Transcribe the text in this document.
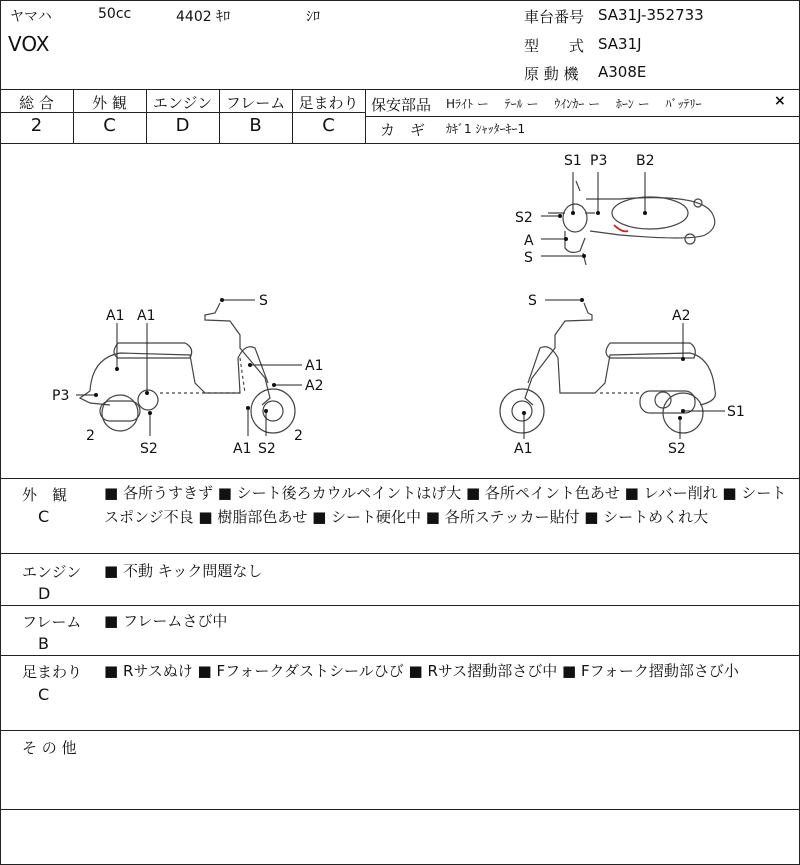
ヤマハ	50cc	4402 ｷﾛ	ｼﾛ
VOX
車台番号 SA31J-352733
型　　式 SA31J
原 動 機 A308E
総 合	外 観	エンジン フレーム 足まわり
2	C	D	B	C
保安部品 Hﾗｲﾄ ー　 ﾃｰﾙ ー　 ｳｲﾝｶｰ ー　 ﾎｰﾝ ー　 ﾊﾞｯﾃﾘｰ	×
カ　ギ ｶｷﾞ1 ｼｬｯﾀｰｷｰ1
S1 P3 B2
S2
A
S
S
A1 A1
A1
A2
P3
2
S2	A1 S2
2
S
A2
S1
A1	S2
外　観
C
■ 各所うすきず ■ シート後ろカウルペイントはげ大 ■ 各所ペイント色あせ ■ レバー削れ ■ シートスポンジ不良 ■ 樹脂部色あせ ■ シート硬化中 ■ 各所ステッカー貼付 ■ シートめくれ大
エンジン
D
■ 不動 キック問題なし
フレーム
B
■ フレームさび中
足まわり
C
■ Rサスぬけ ■ Fフォークダストシールひび ■ Rサス摺動部さび中 ■ Fフォーク摺動部さび小
そ の 他
